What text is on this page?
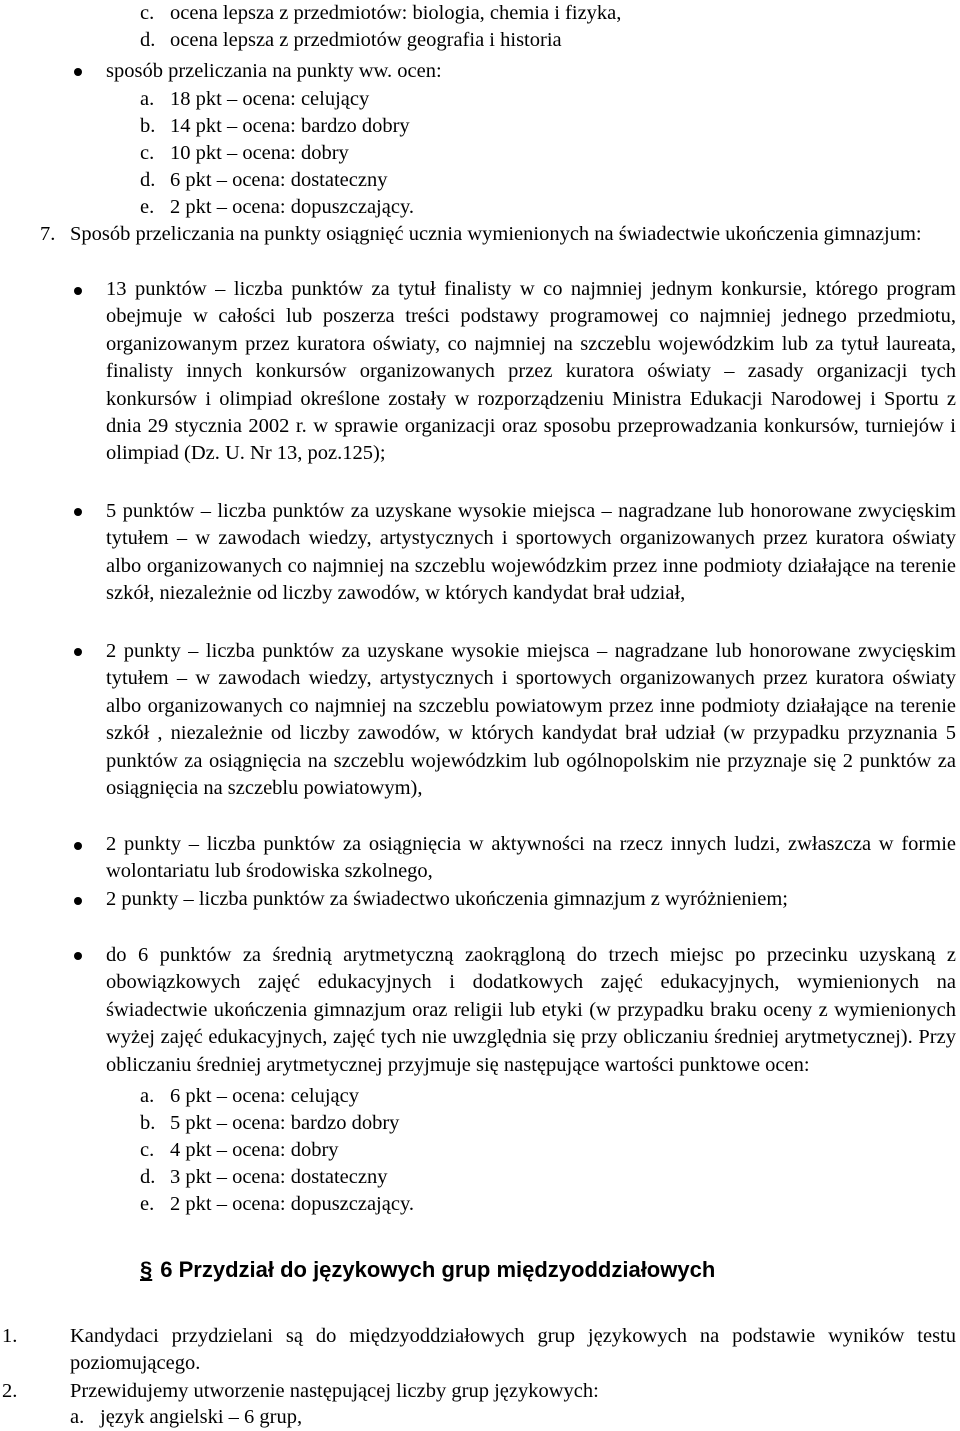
c. ocena lepsza z przedmiotów: biologia, chemia i fizyka,
d. ocena lepsza z przedmiotów geografia i historia
sposób przeliczania na punkty ww. ocen:
a. 18 pkt – ocena: celujący
b. 14 pkt – ocena: bardzo dobry
c. 10 pkt – ocena: dobry
d. 6 pkt – ocena: dostateczny
e. 2 pkt – ocena: dopuszczający.
7. Sposób przeliczania na punkty osiągnięć ucznia wymienionych na świadectwie ukończenia gimnazjum:
13 punktów – liczba punktów za tytuł finalisty w co najmniej jednym konkursie, którego program obejmuje w całości lub poszerza treści podstawy programowej co najmniej jednego przedmiotu, organizowanym przez kuratora oświaty, co najmniej na szczeblu wojewódzkim lub za tytuł laureata, finalisty innych konkursów organizowanych przez kuratora oświaty – zasady organizacji tych konkursów i olimpiad określone zostały w rozporządzeniu Ministra Edukacji Narodowej i Sportu z dnia 29 stycznia 2002 r. w sprawie organizacji oraz sposobu przeprowadzania konkursów, turniejów i olimpiad (Dz. U. Nr 13, poz.125);
5 punktów – liczba punktów za uzyskane wysokie miejsca – nagradzane lub honorowane zwycięskim tytułem – w zawodach wiedzy, artystycznych i sportowych organizowanych przez kuratora oświaty albo organizowanych co najmniej na szczeblu wojewódzkim przez inne podmioty działające na terenie szkół, niezależnie od liczby zawodów, w których kandydat brał udział,
2 punkty – liczba punktów za uzyskane wysokie miejsca – nagradzane lub honorowane zwycięskim tytułem – w zawodach wiedzy, artystycznych i sportowych organizowanych przez kuratora oświaty albo organizowanych co najmniej na szczeblu powiatowym przez inne podmioty działające na terenie szkół , niezależnie od liczby zawodów, w których kandydat brał udział (w przypadku przyznania 5 punktów za osiągnięcia na szczeblu wojewódzkim lub ogólnopolskim nie przyznaje się 2 punktów za osiągnięcia na szczeblu powiatowym),
2 punkty – liczba punktów za osiągnięcia w aktywności na rzecz innych ludzi, zwłaszcza w formie wolontariatu lub środowiska szkolnego,
2 punkty – liczba punktów za świadectwo ukończenia gimnazjum z wyróżnieniem;
do 6 punktów za średnią arytmetyczną zaokrągloną do trzech miejsc po przecinku uzyskaną z obowiązkowych zajęć edukacyjnych i dodatkowych zajęć edukacyjnych, wymienionych na świadectwie ukończenia gimnazjum oraz religii lub etyki (w przypadku braku oceny z wymienionych wyżej zajęć edukacyjnych, zajęć tych nie uwzględnia się przy obliczaniu średniej arytmetycznej). Przy obliczaniu średniej arytmetycznej przyjmuje się następujące wartości punktowe ocen:
a. 6 pkt – ocena: celujący
b. 5 pkt – ocena: bardzo dobry
c. 4 pkt – ocena: dobry
d. 3 pkt – ocena: dostateczny
e. 2 pkt – ocena: dopuszczający.
§ 6 Przydział do językowych grup międzyoddziałowych
1.	Kandydaci przydzielani są do międzyoddziałowych grup językowych na podstawie wyników testu poziomującego.
2.	Przewidujemy utworzenie następującej liczby grup językowych:
a. język angielski – 6 grup,
